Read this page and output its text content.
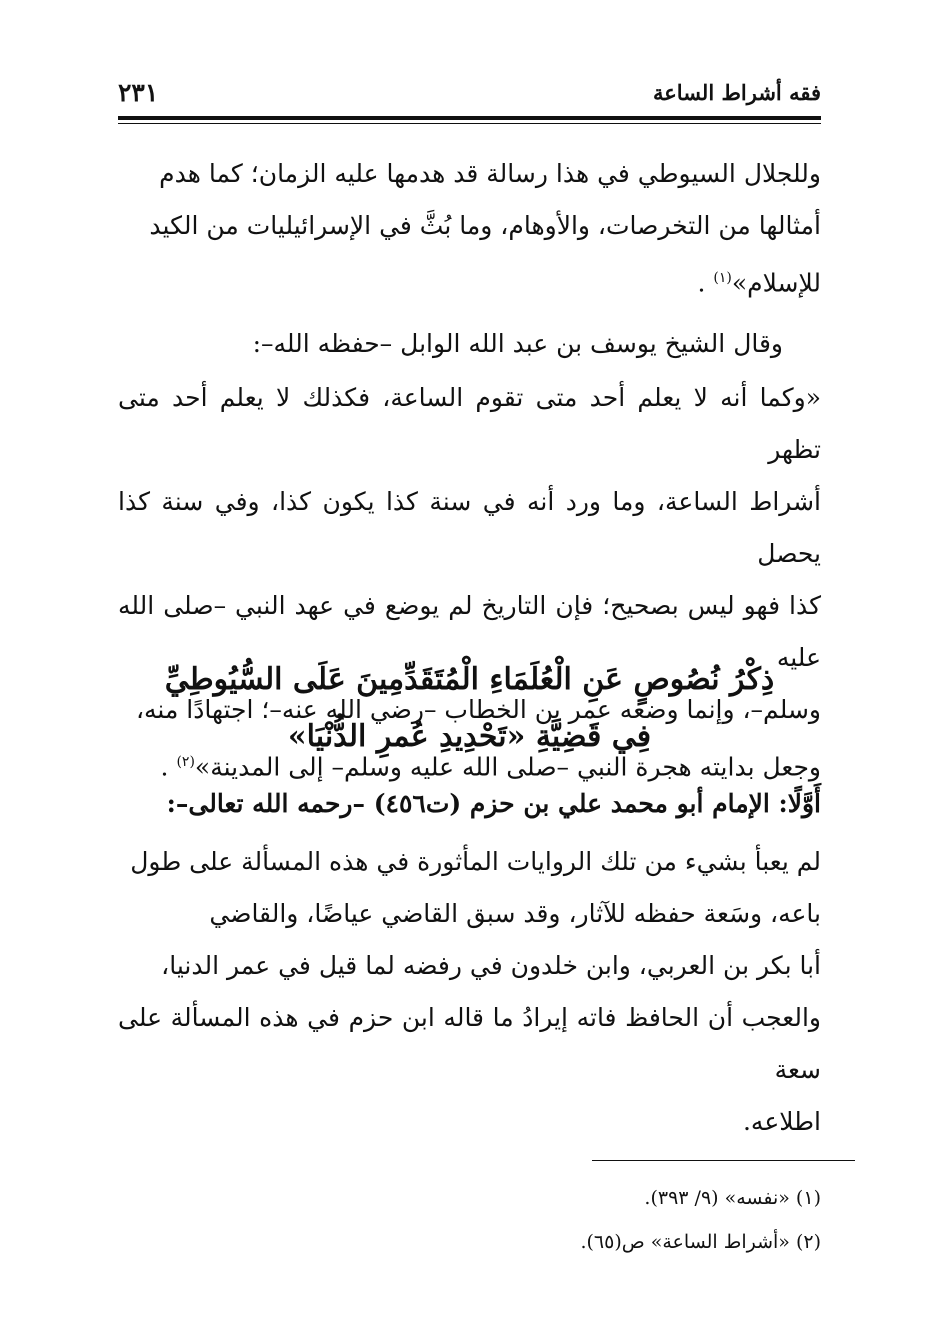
فقه أشراط الساعة
٢٣١
وللجلال السيوطي في هذا رسالة قد هدمها عليه الزمان؛ كما هدم
أمثالها من التخرصات، والأوهام، وما بُثَّ في الإسرائيليات من الكيد
للإسلام»$^{(١)}$ .
وقال الشيخ يوسف بن عبد الله الوابل –حفظه الله–:
«وكما أنه لا يعلم أحد متى تقوم الساعة، فكذلك لا يعلم أحد متى تظهر
أشراط الساعة، وما ورد أنه في سنة كذا يكون كذا، وفي سنة كذا يحصل
كذا فهو ليس بصحيح؛ فإن التاريخ لم يوضع في عهد النبي –صلى الله عليه
وسلم–، وإنما وضعه عمر بن الخطاب –رضي الله عنه–؛ اجتهادًا منه،
وجعل بدايته هجرة النبي –صلى الله عليه وسلم– إلى المدينة»$^{(٢)}$ .
ذِكْرُ نُصُوصٍ عَنِ الْعُلَمَاءِ الْمُتَقَدِّمِينَ عَلَى السُّيُوطِيِّ
فِي قَضِيَّةِ «تَحْدِيدِ عُمرِ الدُّنْيَا»
أَوَّلًا: الإمام أبو محمد علي بن حزم (ت٤٥٦) –رحمه الله تعالى–:
لم يعبأ بشيء من تلك الروايات المأثورة في هذه المسألة على طول
باعه، وسَعة حفظه للآثار، وقد سبق القاضي عياضًا، والقاضي
أبا بكر بن العربي، وابن خلدون في رفضه لما قيل في عمر الدنيا،
والعجب أن الحافظ فاته إيرادُ ما قاله ابن حزم في هذه المسألة على سعة
اطلاعه.
(١) «نفسه» (٩/ ٣٩٣).
(٢) «أشراط الساعة» ص(٦٥).
